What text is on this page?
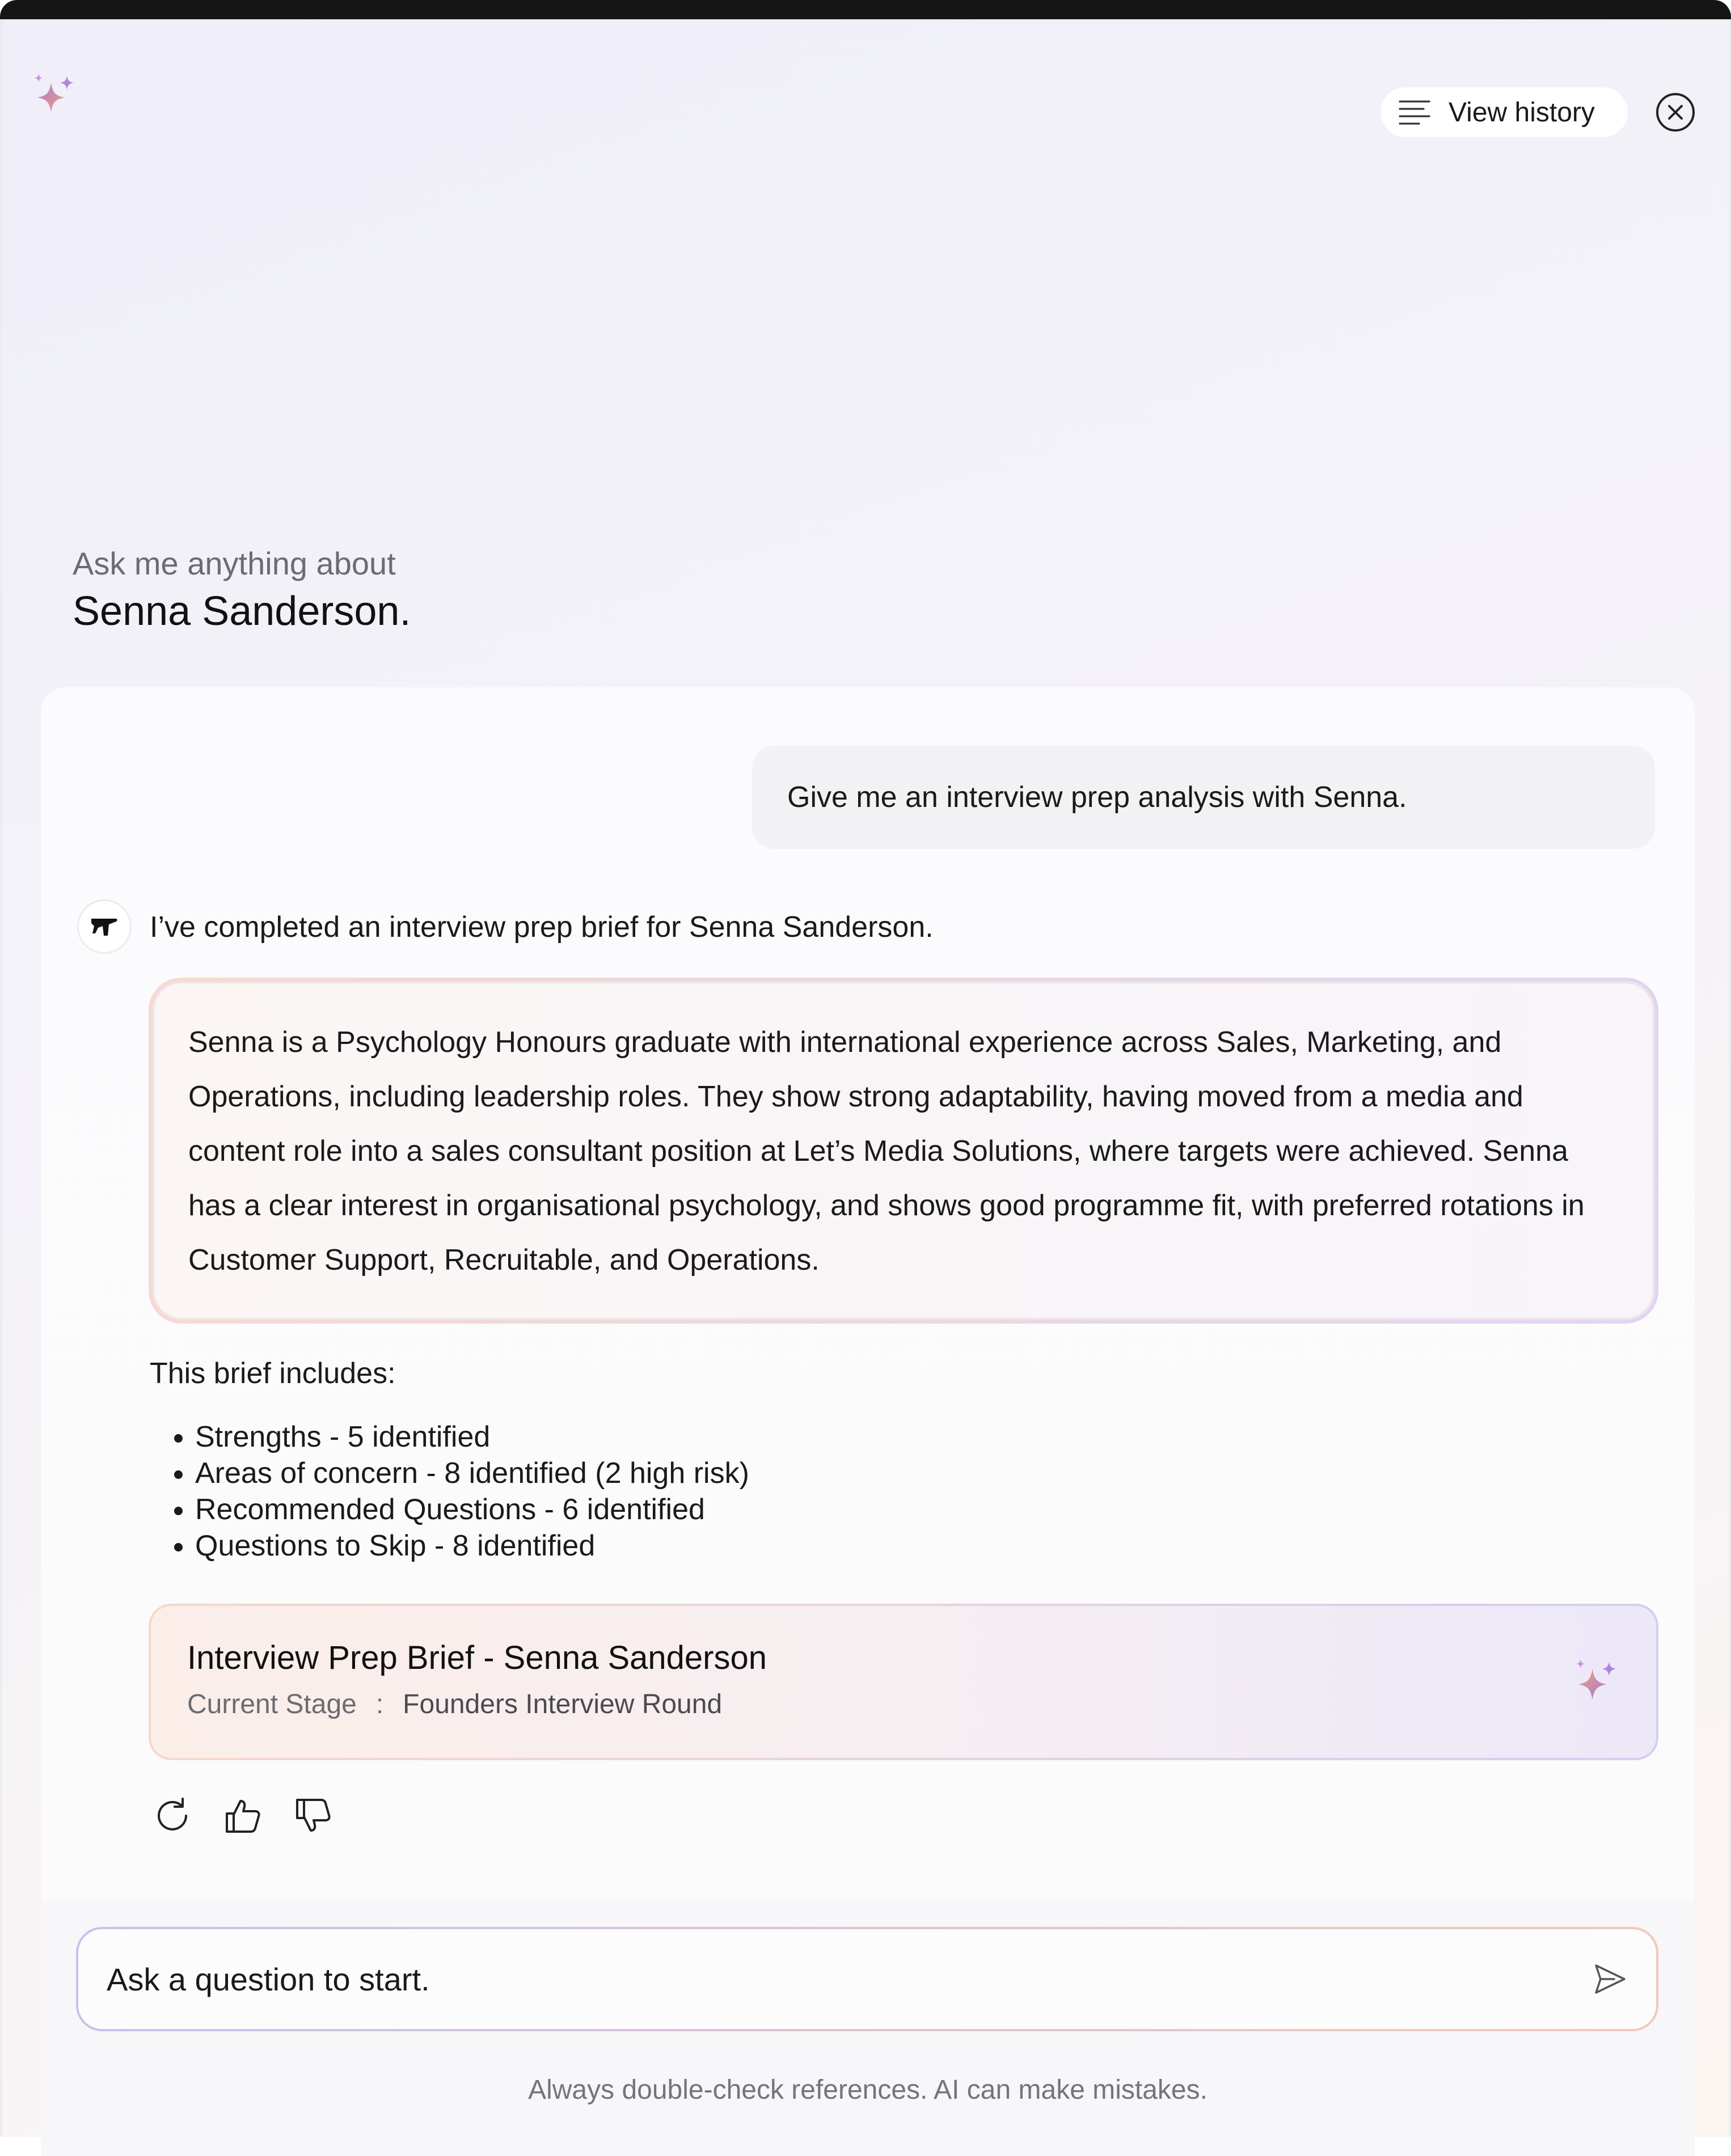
View history
Ask me anything about
Senna Sanderson.
Give me an interview prep analysis with Senna.
I’ve completed an interview prep brief for Senna Sanderson.
Senna is a Psychology Honours graduate with international experience across Sales, Marketing, and Operations, including leadership roles. They show strong adaptability, having moved from a media and content role into a sales consultant position at Let’s Media Solutions, where targets were achieved. Senna has a clear interest in organisational psychology, and shows good programme fit, with preferred rotations in Customer Support, Recruitable, and Operations.
This brief includes:
• Strengths - 5 identified
• Areas of concern - 8 identified (2 high risk)
• Recommended Questions - 6 identified
• Questions to Skip - 8 identified
Interview Prep Brief - Senna Sanderson
Current Stage : Founders Interview Round
Ask a question to start.
Always double-check references. AI can make mistakes.
